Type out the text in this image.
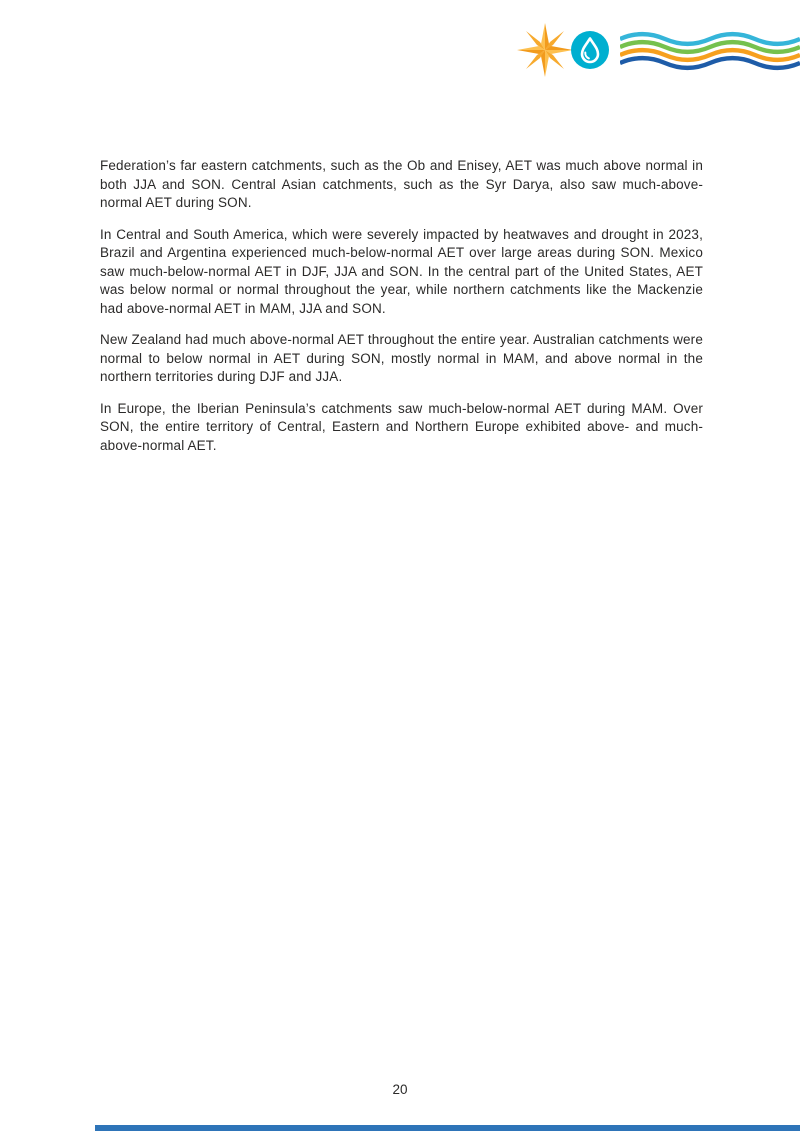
Federation’s far eastern catchments, such as the Ob and Enisey, AET was much above normal in both JJA and SON. Central Asian catchments, such as the Syr Darya, also saw much-above-normal AET during SON.

In Central and South America, which were severely impacted by heatwaves and drought in 2023, Brazil and Argentina experienced much-below-normal AET over large areas during SON. Mexico saw much-below-normal AET in DJF, JJA and SON. In the central part of the United States, AET was below normal or normal throughout the year, while northern catchments like the Mackenzie had above-normal AET in MAM, JJA and SON.

New Zealand had much above-normal AET throughout the entire year. Australian catchments were normal to below normal in AET during SON, mostly normal in MAM, and above normal in the northern territories during DJF and JJA.

In Europe, the Iberian Peninsula’s catchments saw much-below-normal AET during MAM. Over SON, the entire territory of Central, Eastern and Northern Europe exhibited above- and much-above-normal AET.

20
